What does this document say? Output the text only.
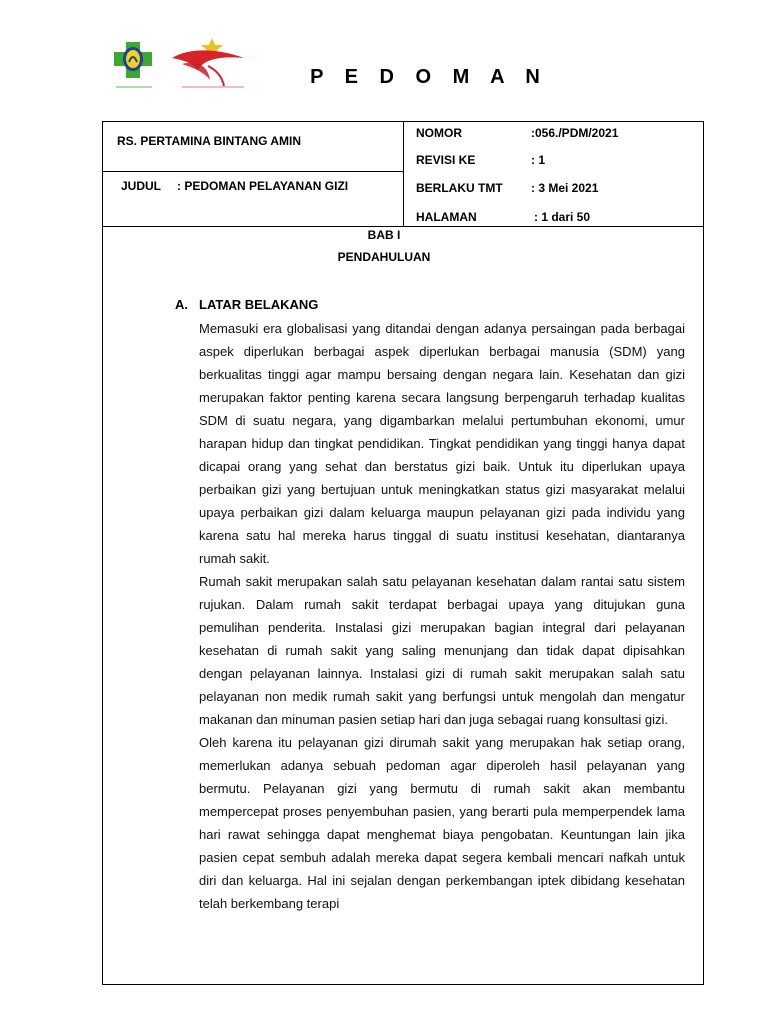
P E D O M A N
RS. PERTAMINA BINTANG AMIN
JUDUL : PEDOMAN PELAYANAN GIZI
NOMOR	:056./PDM/2021
REVISI KE	: 1
BERLAKU TMT : 3 Mei 2021
HALAMAN	: 1 dari 50
BAB I
PENDAHULUAN
A. LATAR BELAKANG

Memasuki era globalisasi yang ditandai dengan adanya persaingan pada berbagai aspek diperlukan berbagai aspek diperlukan berbagai manusia (SDM) yang berkualitas tinggi agar mampu bersaing dengan negara lain. Kesehatan dan gizi merupakan faktor penting karena secara langsung berpengaruh terhadap kualitas SDM di suatu negara, yang digambarkan melalui pertumbuhan ekonomi, umur harapan hidup dan tingkat pendidikan. Tingkat pendidikan yang tinggi hanya dapat dicapai orang yang sehat dan berstatus gizi baik. Untuk itu diperlukan upaya perbaikan gizi yang bertujuan untuk meningkatkan status gizi masyarakat melalui upaya perbaikan gizi dalam keluarga maupun pelayanan gizi pada individu yang karena satu hal mereka harus tinggal di suatu institusi kesehatan, diantaranya rumah sakit.

Rumah sakit merupakan salah satu pelayanan kesehatan dalam rantai satu sistem rujukan. Dalam rumah sakit terdapat berbagai upaya yang ditujukan guna pemulihan penderita. Instalasi gizi merupakan bagian integral dari pelayanan kesehatan di rumah sakit yang saling menunjang dan tidak dapat dipisahkan dengan pelayanan lainnya. Instalasi gizi di rumah sakit merupakan salah satu pelayanan non medik rumah sakit yang berfungsi untuk mengolah dan mengatur makanan dan minuman pasien setiap hari dan juga sebagai ruang konsultasi gizi.

Oleh karena itu pelayanan gizi dirumah sakit yang merupakan hak setiap orang, memerlukan adanya sebuah pedoman agar diperoleh hasil pelayanan yang bermutu. Pelayanan gizi yang bermutu di rumah sakit akan membantu mempercepat proses penyembuhan pasien, yang berarti pula memperpendek lama hari rawat sehingga dapat menghemat biaya pengobatan. Keuntungan lain jika pasien cepat sembuh adalah mereka dapat segera kembali mencari nafkah untuk diri dan keluarga. Hal ini sejalan dengan perkembangan iptek dibidang kesehatan telah berkembang terapi
